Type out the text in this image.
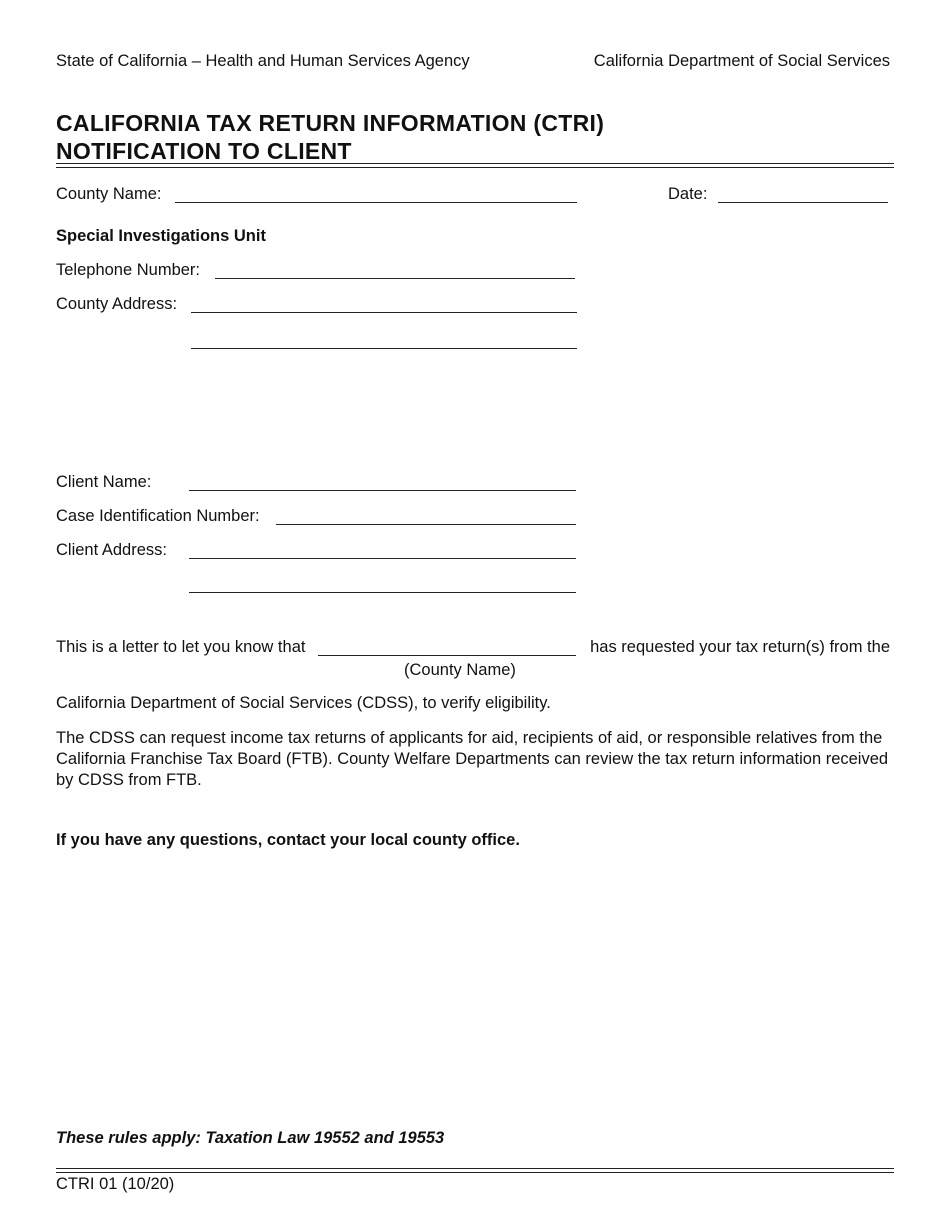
State of California – Health and Human Services Agency	California Department of Social Services
CALIFORNIA TAX RETURN INFORMATION (CTRI)
NOTIFICATION TO CLIENT
County Name:	Date:
Special Investigations Unit
Telephone Number:
County Address:
Client Name:
Case Identification Number:
Client Address:
This is a letter to let you know that	has requested your tax return(s) from the
(County Name)
California Department of Social Services (CDSS), to verify eligibility.
The CDSS can request income tax returns of applicants for aid, recipients of aid, or responsible relatives from the California Franchise Tax Board (FTB). County Welfare Departments can review the tax return information received by CDSS from FTB.
If you have any questions, contact your local county office.
These rules apply: Taxation Law 19552 and 19553
CTRI 01 (10/20)
